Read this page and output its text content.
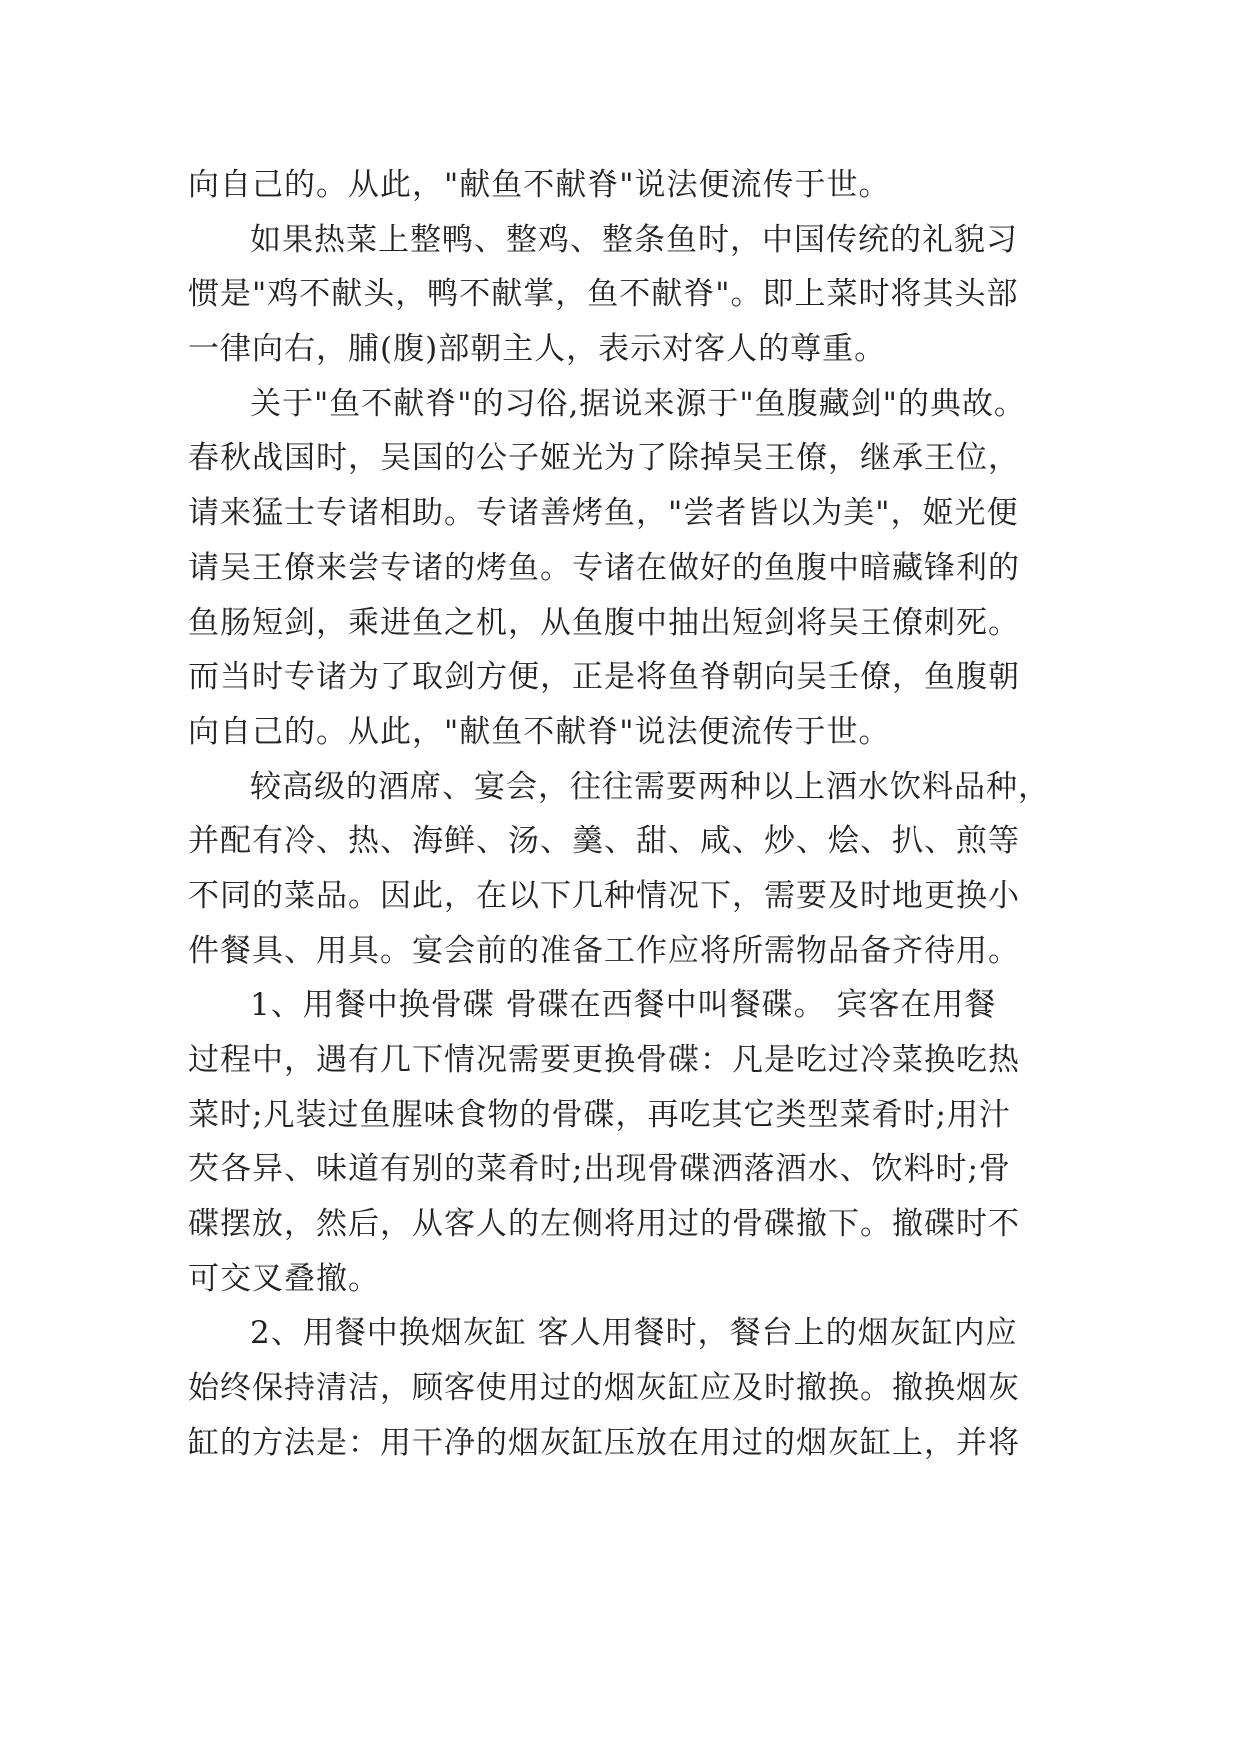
向自己的。从此，"献鱼不献脊"说法便流传于世。
如果热菜上整鸭、整鸡、整条鱼时，中国传统的礼貌习
惯是"鸡不献头，鸭不献掌，鱼不献脊"。即上菜时将其头部
一律向右，脯(腹)部朝主人，表示对客人的尊重。
关于"鱼不献脊"的习俗,据说来源于"鱼腹藏剑"的典故。
春秋战国时，吴国的公子姬光为了除掉吴王僚，继承王位，
请来猛士专诸相助。专诸善烤鱼，"尝者皆以为美"，姬光便
请吴王僚来尝专诸的烤鱼。专诸在做好的鱼腹中暗藏锋利的
鱼肠短剑，乘进鱼之机，从鱼腹中抽出短剑将吴王僚刺死。
而当时专诸为了取剑方便，正是将鱼脊朝向吴壬僚，鱼腹朝
向自己的。从此，"献鱼不献脊"说法便流传于世。
较高级的酒席、宴会，往往需要两种以上酒水饮料品种，
并配有冷、热、海鲜、汤、羹、甜、咸、炒、烩、扒、煎等
不同的菜品。因此，在以下几种情况下，需要及时地更换小
件餐具、用具。宴会前的准备工作应将所需物品备齐待用。
1、用餐中换骨碟 骨碟在西餐中叫餐碟。 宾客在用餐
过程中，遇有几下情况需要更换骨碟：凡是吃过冷菜换吃热
菜时;凡装过鱼腥味食物的骨碟，再吃其它类型菜肴时;用汁
芡各异、味道有别的菜肴时;出现骨碟洒落酒水、饮料时;骨
碟摆放，然后，从客人的左侧将用过的骨碟撤下。撤碟时不
可交叉叠撤。
2、用餐中换烟灰缸 客人用餐时，餐台上的烟灰缸内应
始终保持清洁，顾客使用过的烟灰缸应及时撤换。撤换烟灰
缸的方法是：用干净的烟灰缸压放在用过的烟灰缸上，并将
